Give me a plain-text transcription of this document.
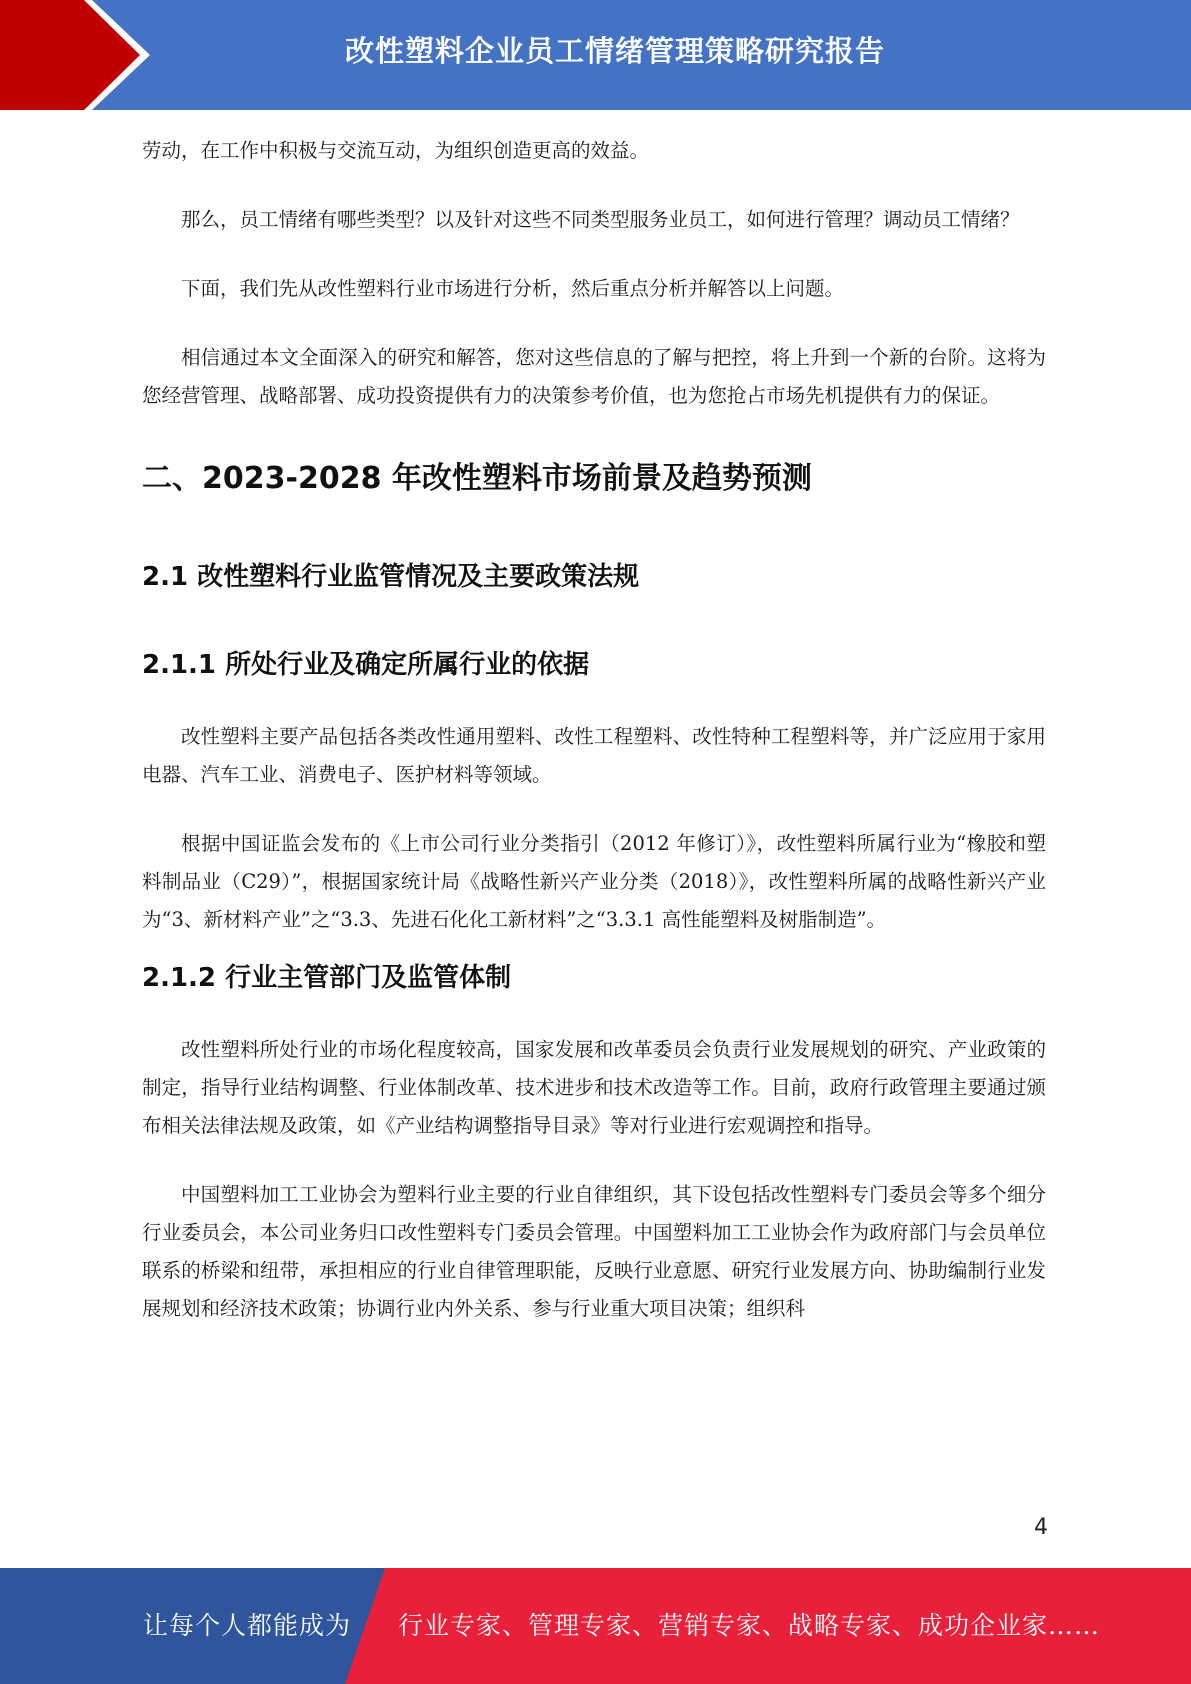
改性塑料企业员工情绪管理策略研究报告

劳动，在工作中积极与交流互动，为组织创造更高的效益。

那么，员工情绪有哪些类型？以及针对这些不同类型服务业员工，如何进行管理？调动员工情绪？

下面，我们先从改性塑料行业市场进行分析，然后重点分析并解答以上问题。

相信通过本文全面深入的研究和解答，您对这些信息的了解与把控，将上升到一个新的台阶。这将为您经营管理、战略部署、成功投资提供有力的决策参考价值，也为您抢占市场先机提供有力的保证。

二、2023-2028 年改性塑料市场前景及趋势预测
2.1 改性塑料行业监管情况及主要政策法规
2.1.1 所处行业及确定所属行业的依据

改性塑料主要产品包括各类改性通用塑料、改性工程塑料、改性特种工程塑料等，并广泛应用于家用电器、汽车工业、消费电子、医护材料等领域。

根据中国证监会发布的《上市公司行业分类指引（2012 年修订）》，改性塑料所属行业为“橡胶和塑料制品业（C29）”，根据国家统计局《战略性新兴产业分类（2018）》，改性塑料所属的战略性新兴产业为“3、新材料产业”之“3.3、先进石化化工新材料”之“3.3.1 高性能塑料及树脂制造”。

2.1.2 行业主管部门及监管体制

改性塑料所处行业的市场化程度较高，国家发展和改革委员会负责行业发展规划的研究、产业政策的制定，指导行业结构调整、行业体制改革、技术进步和技术改造等工作。目前，政府行政管理主要通过颁布相关法律法规及政策，如《产业结构调整指导目录》等对行业进行宏观调控和指导。

中国塑料加工工业协会为塑料行业主要的行业自律组织，其下设包括改性塑料专门委员会等多个细分行业委员会，本公司业务归口改性塑料专门委员会管理。中国塑料加工工业协会作为政府部门与会员单位联系的桥梁和纽带，承担相应的行业自律管理职能，反映行业意愿、研究行业发展方向、协助编制行业发展规划和经济技术政策；协调行业内外关系、参与行业重大项目决策；组织科

4
让每个人都能成为 行业专家、管理专家、营销专家、战略专家、成功企业家……
